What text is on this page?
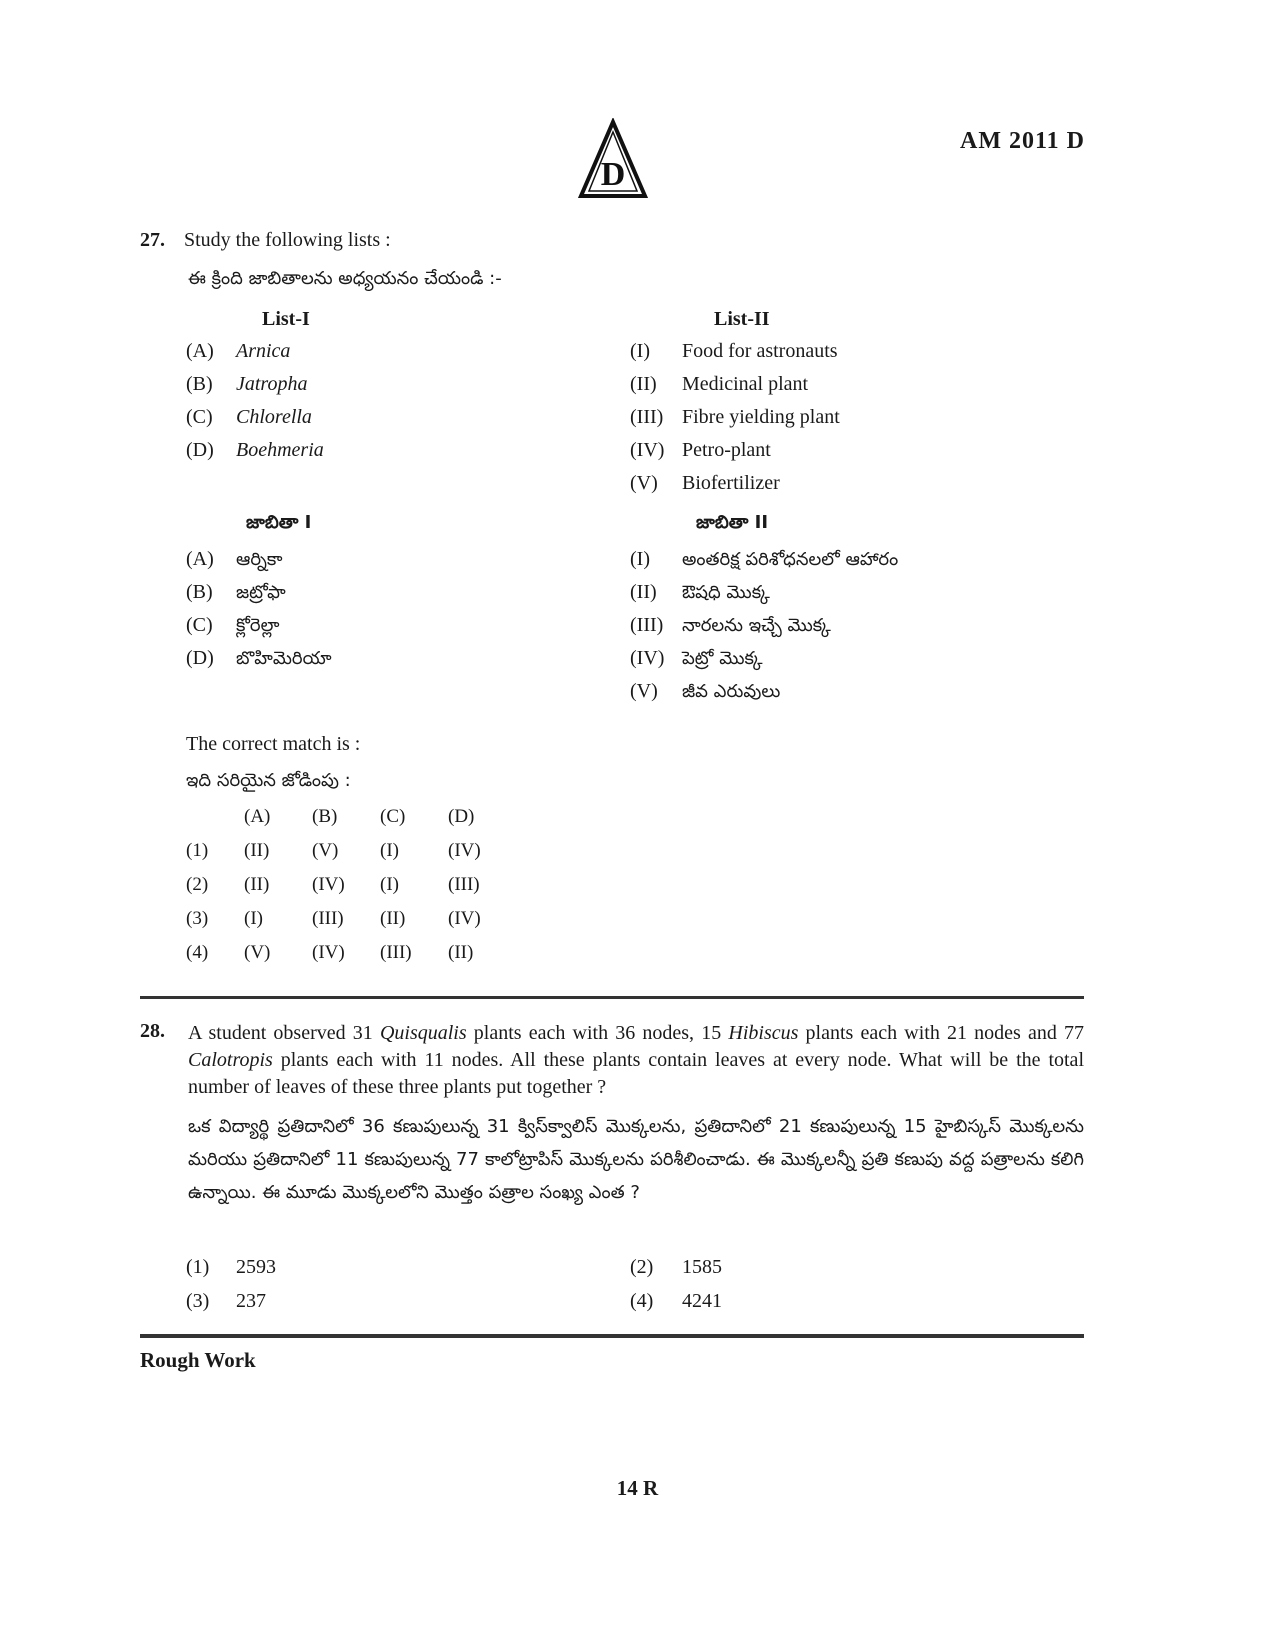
AM 2011 D
D
27. Study the following lists :
ఈ క్రింది జాబితాలను అధ్యయనం చేయండి :-
List-I
(A) Arnica
(B) Jatropha
(C) Chlorella
(D) Boehmeria
List-II
(I) Food for astronauts
(II) Medicinal plant
(III) Fibre yielding plant
(IV) Petro-plant
(V) Biofertilizer
జాబితా I
(A) ఆర్నికా
(B) జట్రోఫా
(C) క్లోరెల్లా
(D) బొహిమెరియా
జాబితా II
(I) అంతరిక్ష పరిశోధనలలో ఆహారం
(II) ఔషధి మొక్క
(III) నారలను ఇచ్చే మొక్క
(IV) పెట్రో మొక్క
(V) జీవ ఎరువులు
The correct match is :
ఇది సరియైన జోడింపు :
	(A)	(B)	(C)	(D)
(1)	(II)	(V)	(I)	(IV)
(2)	(II)	(IV)	(I)	(III)
(3)	(I)	(III)	(II)	(IV)
(4)	(V)	(IV)	(III)	(II)
28. A student observed 31 Quisqualis plants each with 36 nodes, 15 Hibiscus plants each with 21 nodes and 77 Calotropis plants each with 11 nodes. All these plants contain leaves at every node. What will be the total number of leaves of these three plants put together ?
ఒక విద్యార్థి ప్రతిదానిలో 36 కణుపులున్న 31 క్విస్‌క్వాలిస్ మొక్కలను, ప్రతిదానిలో 21 కణుపులున్న 15 హైబిస్కస్ మొక్కలను మరియు ప్రతిదానిలో 11 కణుపులున్న 77 కాలోట్రాపిస్ మొక్కలను పరిశీలించాడు. ఈ మొక్కలన్నీ ప్రతి కణుపు వద్ద పత్రాలను కలిగి ఉన్నాయి. ఈ మూడు మొక్కలలోని మొత్తం పత్రాల సంఖ్య ఎంత ?
(1) 2593	(2) 1585
(3) 237	(4) 4241
Rough Work
14 R
